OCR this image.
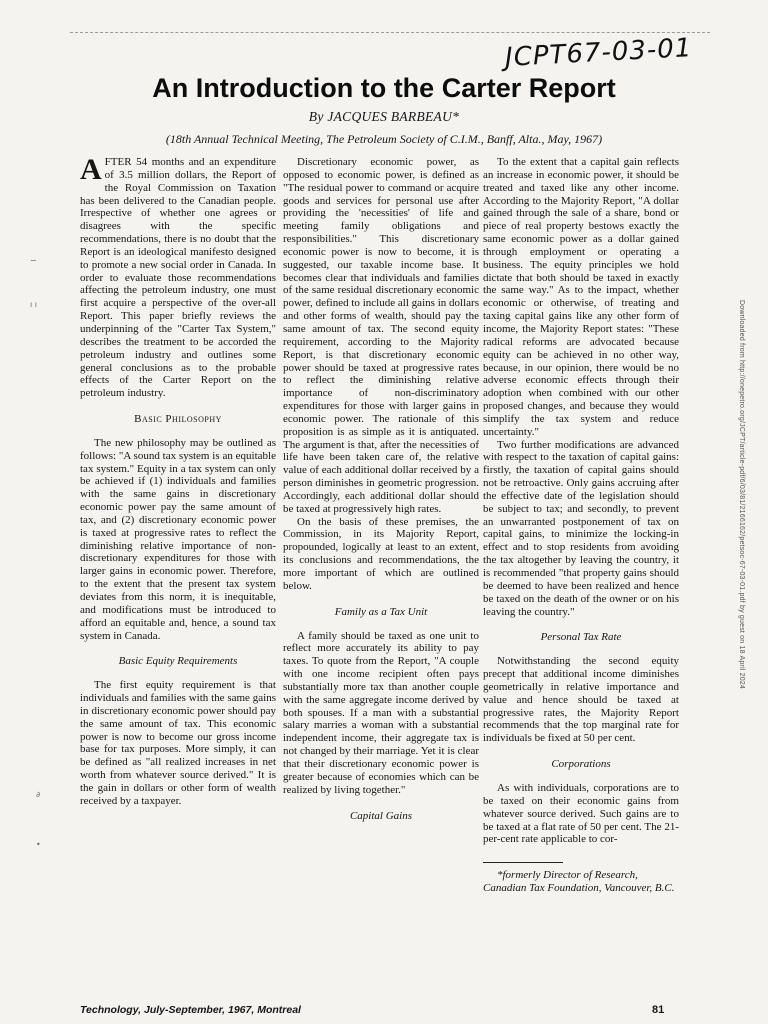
JCPT67-03-01
An Introduction to the Carter Report
By JACQUES BARBEAU*
(18th Annual Technical Meeting, The Petroleum Society of C.I.M., Banff, Alta., May, 1967)

AFTER 54 months and an expenditure of 3.5 million dollars, the Report of the Royal Commission on Taxation has been delivered to the Canadian people. Irrespective of whether one agrees or disagrees with the specific recommendations, there is no doubt that the Report is an ideological manifesto designed to promote a new social order in Canada. In order to evaluate those recommendations affecting the petroleum industry, one must first acquire a perspective of the over-all Report. This paper briefly reviews the underpinning of the "Carter Tax System," describes the treatment to be accorded the petroleum industry and outlines some general conclusions as to the probable effects of the Carter Report on the petroleum industry.

Basic Philosophy

The new philosophy may be outlined as follows: "A sound tax system is an equitable tax system." Equity in a tax system can only be achieved if (1) individuals and families with the same gains in discretionary economic power pay the same amount of tax, and (2) discretionary economic power is taxed at progressive rates to reflect the diminishing relative importance of non-discretionary expenditures for those with larger gains in economic power. Therefore, to the extent that the present tax system deviates from this norm, it is inequitable, and modifications must be introduced to afford an equitable and, hence, a sound tax system in Canada.

Basic Equity Requirements

The first equity requirement is that individuals and families with the same gains in discretionary economic power should pay the same amount of tax. This economic power is now to become our gross income base for tax purposes. More simply, it can be defined as "all realized increases in net worth from whatever source derived." It is the gain in dollars or other form of wealth received by a taxpayer.

Discretionary economic power, as opposed to economic power, is defined as "The residual power to command or acquire goods and services for personal use after providing the 'necessities' of life and meeting family obligations and responsibilities." This discretionary economic power is now to become, it is suggested, our taxable income base. It becomes clear that individuals and families of the same residual discretionary economic power, defined to include all gains in dollars and other forms of wealth, should pay the same amount of tax. The second equity requirement, according to the Majority Report, is that discretionary economic power should be taxed at progressive rates to reflect the diminishing relative importance of non-discriminatory expenditures for those with larger gains in economic power. The rationale of this proposition is as simple as it is antiquated. The argument is that, after the necessities of life have been taken care of, the relative value of each additional dollar received by a person diminishes in geometric progression. Accordingly, each additional dollar should be taxed at progressively high rates.

On the basis of these premises, the Commission, in its Majority Report, propounded, logically at least to an extent, its conclusions and recommendations, the more important of which are outlined below.

Family as a Tax Unit

A family should be taxed as one unit to reflect more accurately its ability to pay taxes. To quote from the Report, "A couple with one income recipient often pays substantially more tax than another couple with the same aggregate income derived by both spouses. If a man with a substantial salary marries a woman with a substantial independent income, their aggregate tax is not changed by their marriage. Yet it is clear that their discretionary economic power is greater because of economies which can be realized by living together."

Capital Gains

To the extent that a capital gain reflects an increase in economic power, it should be treated and taxed like any other income. According to the Majority Report, "A dollar gained through the sale of a share, bond or piece of real property bestows exactly the same economic power as a dollar gained through employment or operating a business. The equity principles we hold dictate that both should be taxed in exactly the same way." As to the impact, whether economic or otherwise, of treating and taxing capital gains like any other form of income, the Majority Report states: "These radical reforms are advocated because equity can be achieved in no other way, because, in our opinion, there would be no adverse economic effects through their adoption when combined with our other proposed changes, and because they would simplify the tax system and reduce uncertainty."

Two further modifications are advanced with respect to the taxation of capital gains: firstly, the taxation of capital gains should not be retroactive. Only gains accruing after the effective date of the legislation should be subject to tax; and secondly, to prevent an unwarranted postponement of tax on capital gains, to minimize the locking-in effect and to stop residents from avoiding the tax altogether by leaving the country, it is recommended "that property gains should be deemed to have been realized and hence be taxed on the death of the owner or on his leaving the country."

Personal Tax Rate

Notwithstanding the second equity precept that additional income diminishes geometrically in relative importance and value and hence should be taxed at progressive rates, the Majority Report recommends that the top marginal rate for individuals be fixed at 50 per cent.

Corporations

As with individuals, corporations are to be taxed on their economic gains from whatever source derived. Such gains are to be taxed at a flat rate of 50 per cent. The 21-per-cent rate applicable to cor-

*formerly Director of Research, Canadian Tax Foundation, Vancouver, B.C.

Downloaded from http://onepetro.org/JCPT/article-pdf/6/03/81/2166162/petsoc-67-03-01.pdf by guest on 18 April 2024
∽
ı ı
∂
•
Technology, July-September, 1967, Montreal	81
